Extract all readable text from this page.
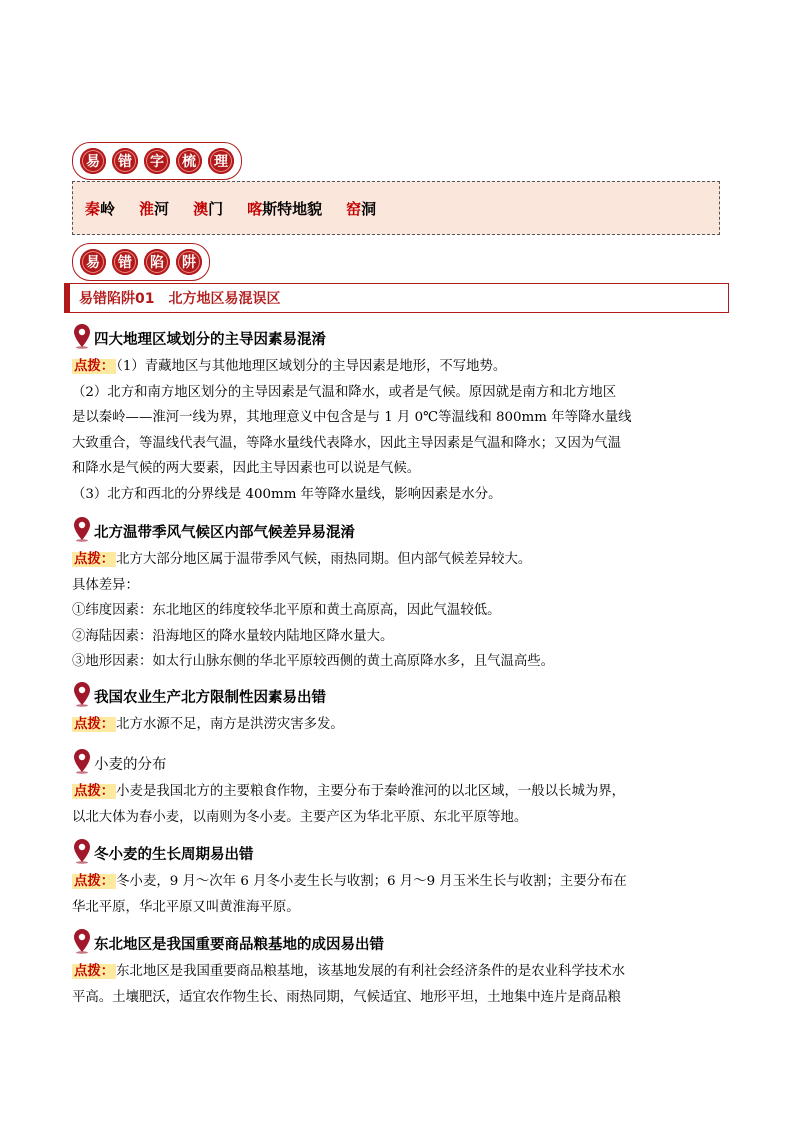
易	错	字	梳	理
秦岭 淮河 澳门 喀斯特地貌 窑洞
易	错	陷	阱
易错陷阱01　北方地区易混误区
四大地理区域划分的主导因素易混淆
点拨： （1）青藏地区与其他地理区域划分的主导因素是地形，不写地势。
（2）北方和南方地区划分的主导因素是气温和降水，或者是气候。原因就是南方和北方地区
是以秦岭——淮河一线为界，其地理意义中包含是与 1 月 0℃等温线和 800mm 年等降水量线
大致重合，等温线代表气温，等降水量线代表降水，因此主导因素是气温和降水；又因为气温
和降水是气候的两大要素，因此主导因素也可以说是气候。
（3）北方和西北的分界线是 400mm 年等降水量线，影响因素是水分。
北方温带季风气候区内部气候差异易混淆
点拨： 北方大部分地区属于温带季风气候，雨热同期。但内部气候差异较大。
具体差异：
①纬度因素：东北地区的纬度较华北平原和黄土高原高，因此气温较低。
②海陆因素：沿海地区的降水量较内陆地区降水量大。
③地形因素：如太行山脉东侧的华北平原较西侧的黄土高原降水多，且气温高些。
我国农业生产北方限制性因素易出错
点拨： 北方水源不足，南方是洪涝灾害多发。
小麦的分布
点拨： 小麦是我国北方的主要粮食作物，主要分布于秦岭淮河的以北区域，一般以长城为界，
以北大体为春小麦，以南则为冬小麦。主要产区为华北平原、东北平原等地。
冬小麦的生长周期易出错
点拨： 冬小麦，9 月～次年 6 月冬小麦生长与收割；6 月～9 月玉米生长与收割；主要分布在
华北平原，华北平原又叫黄淮海平原。
东北地区是我国重要商品粮基地的成因易出错
点拨： 东北地区是我国重要商品粮基地，该基地发展的有利社会经济条件的是农业科学技术水
平高。土壤肥沃，适宜农作物生长、雨热同期，气候适宜、地形平坦，土地集中连片是商品粮
